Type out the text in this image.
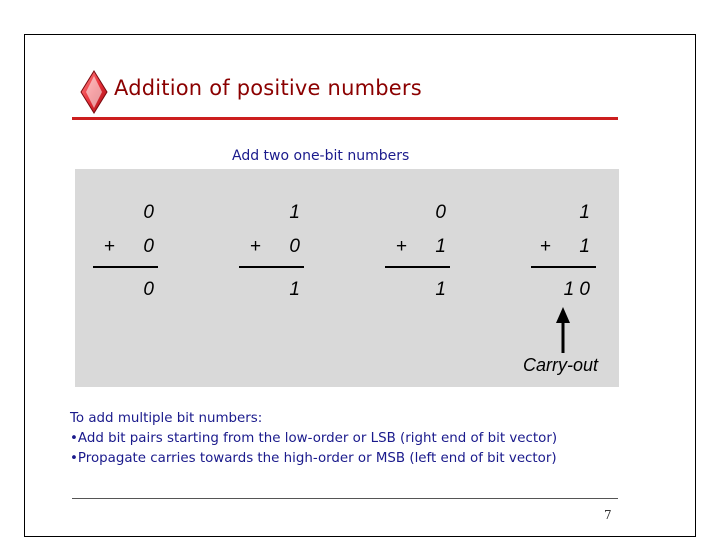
Addition of positive numbers
Add two one-bit numbers
0
+	0
0
1
+	0
1
0
+	1
1
1
+	1
1 0
Carry-out
To add multiple bit numbers:
•Add bit pairs starting from the low-order or LSB (right end of bit vector)
•Propagate carries towards the high-order or MSB (left end of bit vector)
7
